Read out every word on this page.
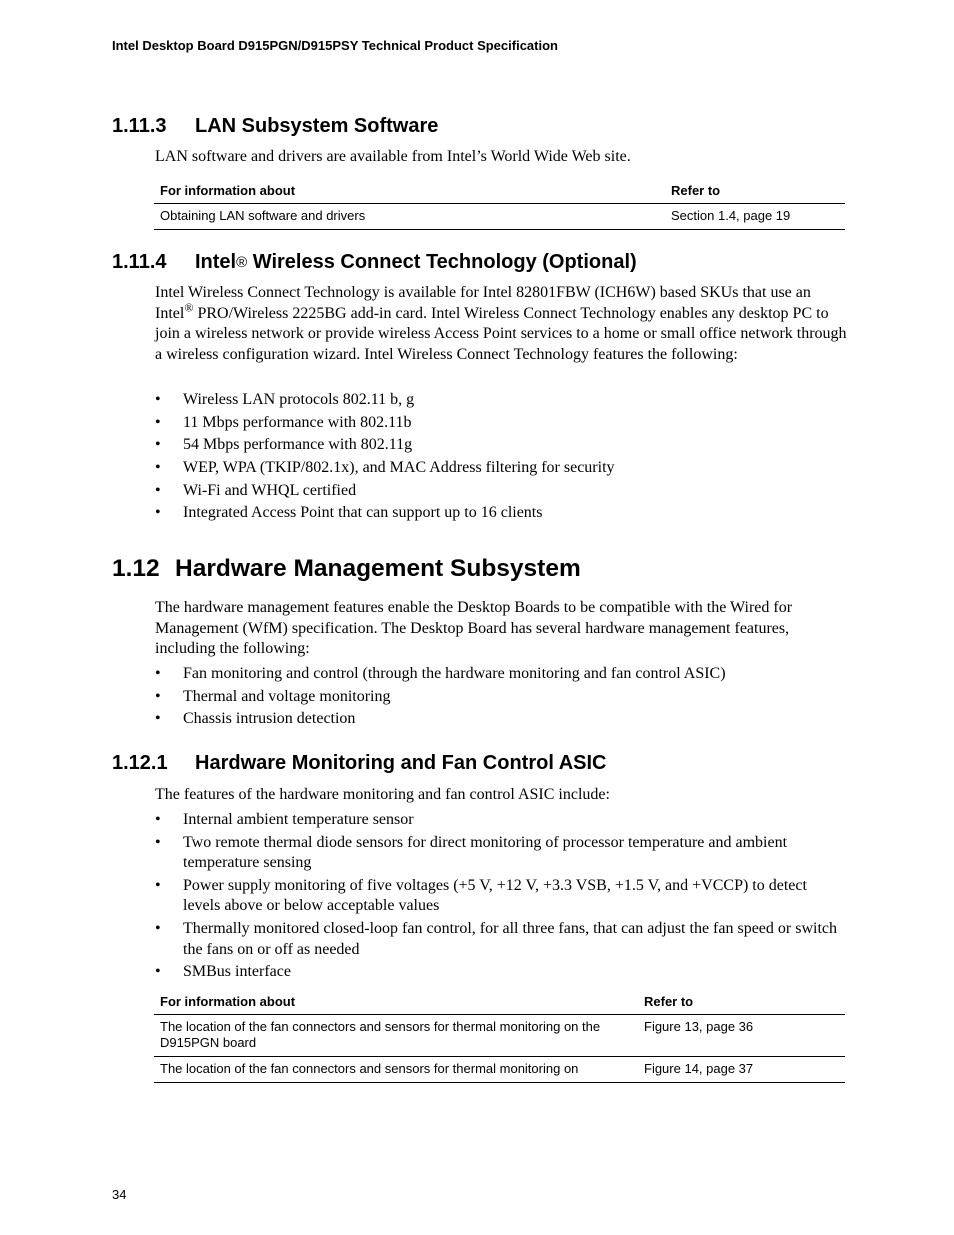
Intel Desktop Board D915PGN/D915PSY Technical Product Specification
1.11.3 LAN Subsystem Software

LAN software and drivers are available from Intel’s World Wide Web site.

For information about	Refer to
Obtaining LAN software and drivers	Section 1.4, page 19
1.11.4 Intel® Wireless Connect Technology (Optional)

Intel Wireless Connect Technology is available for Intel 82801FBW (ICH6W) based SKUs that use an Intel® PRO/Wireless 2225BG add-in card. Intel Wireless Connect Technology enables any desktop PC to join a wireless network or provide wireless Access Point services to a home or small office network through a wireless configuration wizard. Intel Wireless Connect Technology features the following:

• Wireless LAN protocols 802.11 b, g
• 11 Mbps performance with 802.11b
• 54 Mbps performance with 802.11g
• WEP, WPA (TKIP/802.1x), and MAC Address filtering for security
• Wi-Fi and WHQL certified
• Integrated Access Point that can support up to 16 clients
1.12 Hardware Management Subsystem

The hardware management features enable the Desktop Boards to be compatible with the Wired for Management (WfM) specification. The Desktop Board has several hardware management features, including the following:

• Fan monitoring and control (through the hardware monitoring and fan control ASIC)
• Thermal and voltage monitoring
• Chassis intrusion detection
1.12.1 Hardware Monitoring and Fan Control ASIC

The features of the hardware monitoring and fan control ASIC include:

• Internal ambient temperature sensor
• Two remote thermal diode sensors for direct monitoring of processor temperature and ambient temperature sensing
• Power supply monitoring of five voltages (+5 V, +12 V, +3.3 VSB, +1.5 V, and +VCCP) to detect levels above or below acceptable values
• Thermally monitored closed-loop fan control, for all three fans, that can adjust the fan speed or switch the fans on or off as needed
• SMBus interface
For information about	Refer to
The location of the fan connectors and sensors for thermal monitoring on the D915PGN board	Figure 13, page 36
The location of the fan connectors and sensors for thermal monitoring on	Figure 14, page 37
34
